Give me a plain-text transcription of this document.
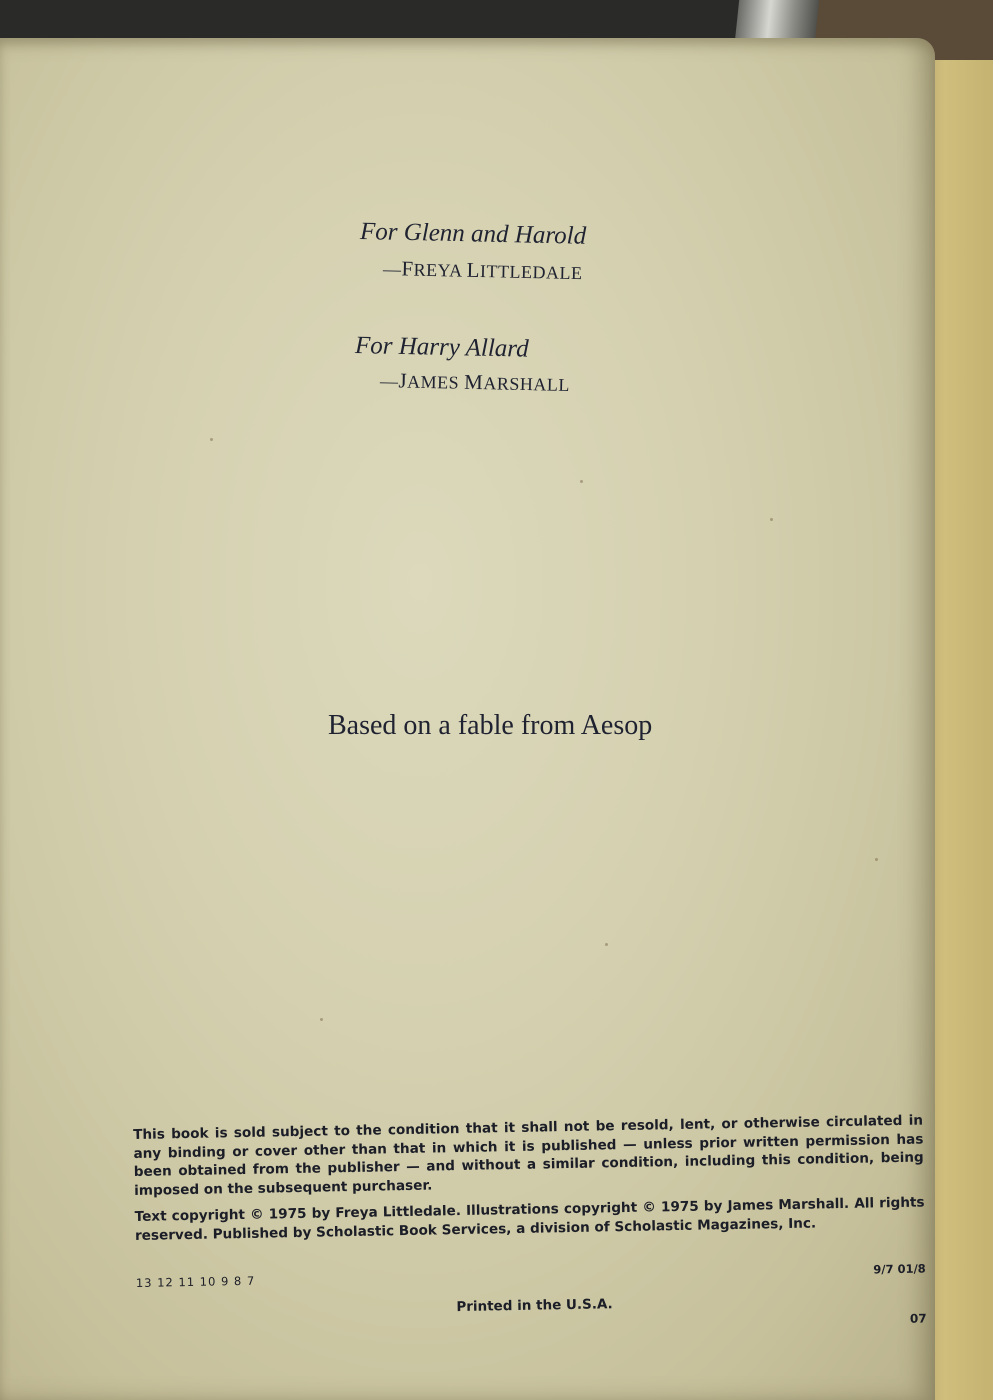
For Glenn and Harold
—FREYA LITTLEDALE
For Harry Allard
—JAMES MARSHALL
Based on a fable from Aesop

This book is sold subject to the condition that it shall not be resold, lent, or otherwise circulated in any binding or cover other than that in which it is published — unless prior written permission has been obtained from the publisher — and without a similar condition, including this condition, being imposed on the subsequent purchaser.

Text copyright © 1975 by Freya Littledale. Illustrations copyright © 1975 by James Marshall. All rights reserved. Published by Scholastic Book Services, a division of Scholastic Magazines, Inc.

13 12 11 10 9 8 7
9/7 01/8
Printed in the U.S.A.
07
